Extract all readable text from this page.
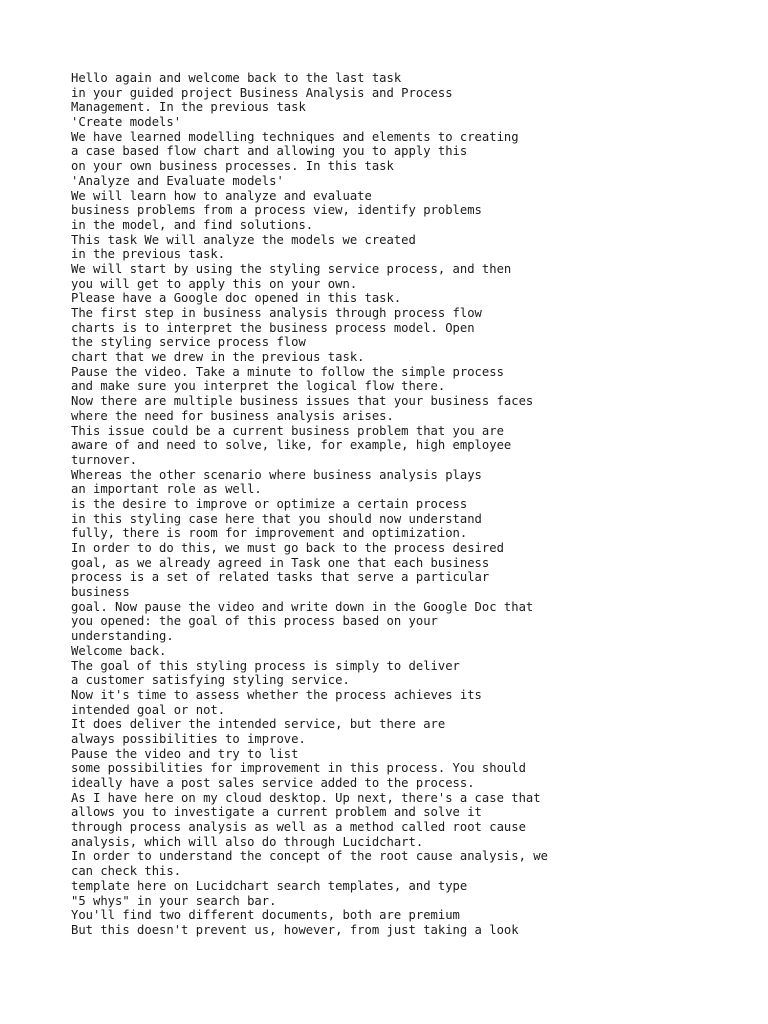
Hello again and welcome back to the last task
in your guided project Business Analysis and Process
Management. In the previous task
'Create models'
We have learned modelling techniques and elements to creating
a case based flow chart and allowing you to apply this
on your own business processes. In this task
'Analyze and Evaluate models'
We will learn how to analyze and evaluate
business problems from a process view, identify problems
in the model, and find solutions.
This task We will analyze the models we created
in the previous task.
We will start by using the styling service process, and then
you will get to apply this on your own.
Please have a Google doc opened in this task.
The first step in business analysis through process flow
charts is to interpret the business process model. Open
the styling service process flow
chart that we drew in the previous task.
Pause the video. Take a minute to follow the simple process
and make sure you interpret the logical flow there.
Now there are multiple business issues that your business faces
where the need for business analysis arises.
This issue could be a current business problem that you are
aware of and need to solve, like, for example, high employee
turnover.
Whereas the other scenario where business analysis plays
an important role as well.
is the desire to improve or optimize a certain process
in this styling case here that you should now understand
fully, there is room for improvement and optimization.
In order to do this, we must go back to the process desired
goal, as we already agreed in Task one that each business
process is a set of related tasks that serve a particular
business
goal. Now pause the video and write down in the Google Doc that
you opened: the goal of this process based on your
understanding.
Welcome back.
The goal of this styling process is simply to deliver
a customer satisfying styling service.
Now it's time to assess whether the process achieves its
intended goal or not.
It does deliver the intended service, but there are
always possibilities to improve.
Pause the video and try to list
some possibilities for improvement in this process. You should
ideally have a post sales service added to the process.
As I have here on my cloud desktop. Up next, there's a case that
allows you to investigate a current problem and solve it
through process analysis as well as a method called root cause
analysis, which will also do through Lucidchart.
In order to understand the concept of the root cause analysis, we
can check this.
template here on Lucidchart search templates, and type
"5 whys" in your search bar.
You'll find two different documents, both are premium
But this doesn't prevent us, however, from just taking a look
